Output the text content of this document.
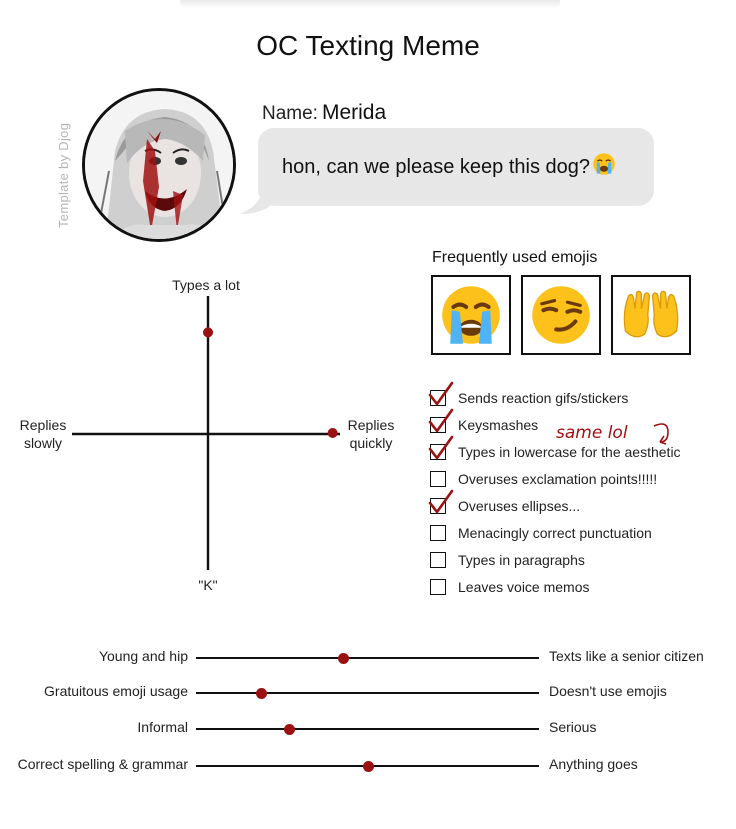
OC Texting Meme
Template by Djog
Name: Merida
hon, can we please keep this dog?
Frequently used emojis
Types a lot
"K"
Replies
slowly
Replies
quickly
Sends reaction gifs/stickers
Keysmashes
Types in lowercase for the aesthetic
Overuses exclamation points!!!!!
Overuses ellipses...
Menacingly correct punctuation
Types in paragraphs
Leaves voice memos
same lol
Young and hip	Texts like a senior citizen
Gratuitous emoji usage	Doesn't use emojis
Informal	Serious
Correct spelling & grammar	Anything goes
